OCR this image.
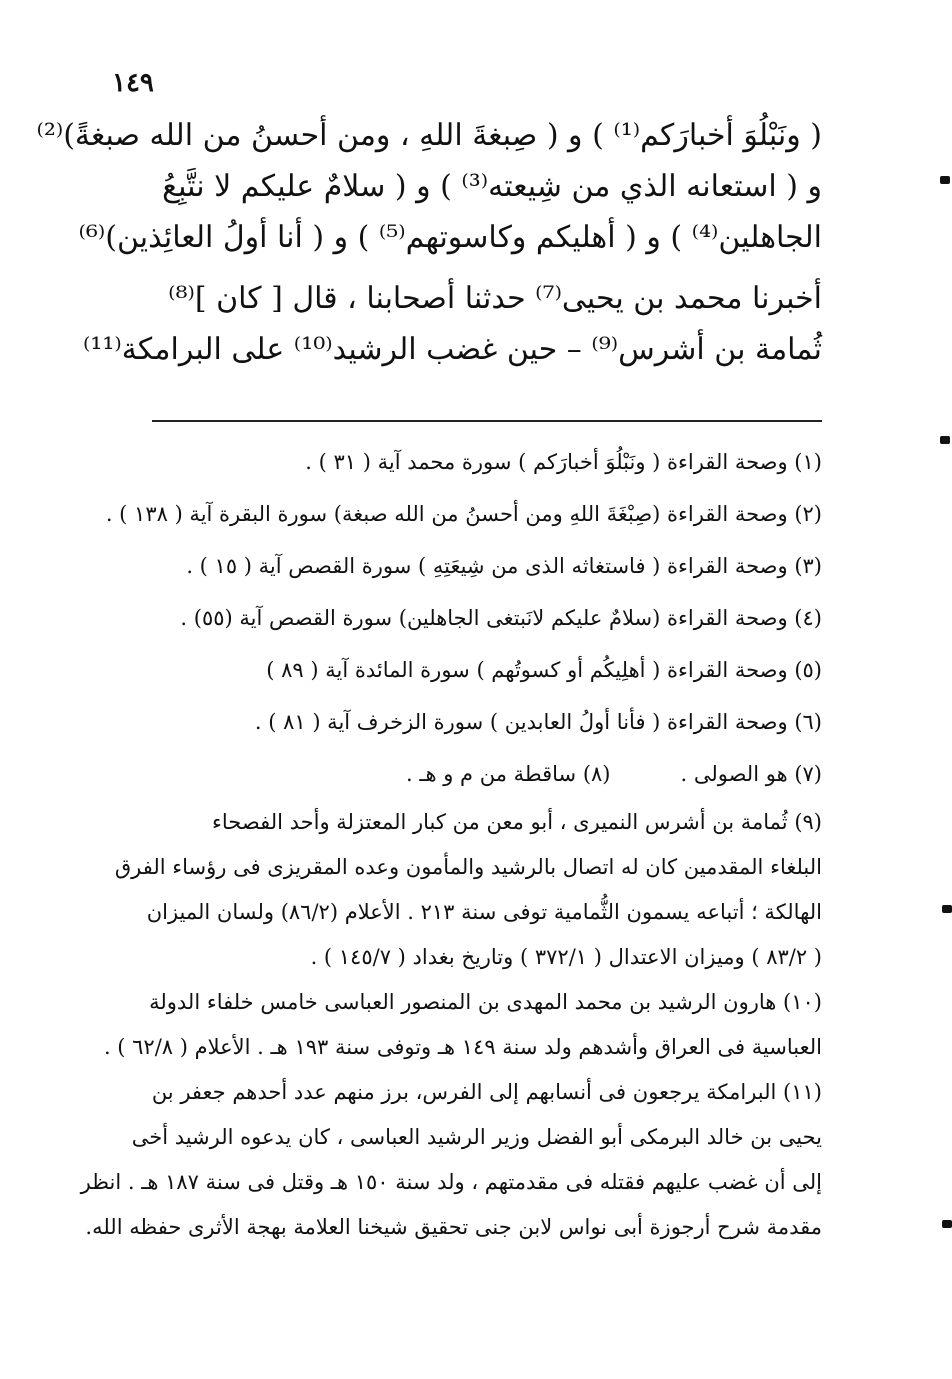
١٤٩
( ونَبْلُوَ أخبارَكم⁽¹⁾ ) و ( صِبغةَ اللهِ ، ومن أحسنُ من الله صبغةً)⁽²⁾
و ( استعانه الذي من شِيعته⁽³⁾ ) و ( سلامٌ عليكم لا نتَّبِعُ
الجاهلين⁽⁴⁾ ) و ( أهليكم وكاسوتهم⁽⁵⁾ ) و ( أنا أولُ العائِذين)⁽⁶⁾
أخبرنا محمد بن يحيى⁽⁷⁾ حدثنا أصحابنا ، قال [ كان ]⁽⁸⁾
ثُمامة بن أشرس⁽⁹⁾ – حين غضب الرشيد⁽¹⁰⁾ على البرامكة⁽¹¹⁾
(١) وصحة القراءة ( ونَبْلُوَ أخبارَكم ) سورة محمد آية ( ٣١ ) .
(٢) وصحة القراءة (صِبْغَةَ اللهِ ومن أحسنُ من الله صبغة) سورة البقرة آية ( ١٣٨ ) .
(٣) وصحة القراءة ( فاستغاثه الذى من شِيعَتِهِ ) سورة القصص آية ( ١٥ ) .
(٤) وصحة القراءة (سلامٌ عليكم لانَبتغى الجاهلين) سورة القصص آية (٥٥) .
(٥) وصحة القراءة ( أهلِيكُم أو كسوتُهم ) سورة المائدة آية ( ٨٩ )
(٦) وصحة القراءة ( فأنا أولُ العابدين ) سورة الزخرف آية ( ٨١ ) .
(٧) هو الصولى .(٨) ساقطة من م و هـ .
(٩) ثُمامة بن أشرس النميرى ، أبو معن من كبار المعتزلة وأحد الفصحاء
البلغاء المقدمين كان له اتصال بالرشيد والمأمون وعده المقريزى فى رؤساء الفرق
الهالكة ؛ أتباعه يسمون الثُّمامية توفى سنة ٢١٣ . الأعلام (٨٦/٢) ولسان الميزان
( ٨٣/٢ ) وميزان الاعتدال ( ٣٧٢/١ ) وتاريخ بغداد ( ١٤٥/٧ ) .
(١٠) هارون الرشيد بن محمد المهدى بن المنصور العباسى خامس خلفاء الدولة
العباسية فى العراق وأشدهم ولد سنة ١٤٩ هـ وتوفى سنة ١٩٣ هـ . الأعلام ( ٦٢/٨ ) .
(١١) البرامكة يرجعون فى أنسابهم إلى الفرس، برز منهم عدد أحدهم جعفر بن
يحيى بن خالد البرمكى أبو الفضل وزير الرشيد العباسى ، كان يدعوه الرشيد أخى
إلى أن غضب عليهم فقتله فى مقدمتهم ، ولد سنة ١٥٠ هـ وقتل فى سنة ١٨٧ هـ . انظر
مقدمة شرح أرجوزة أبى نواس لابن جنى تحقيق شيخنا العلامة بهجة الأثرى حفظه الله.
